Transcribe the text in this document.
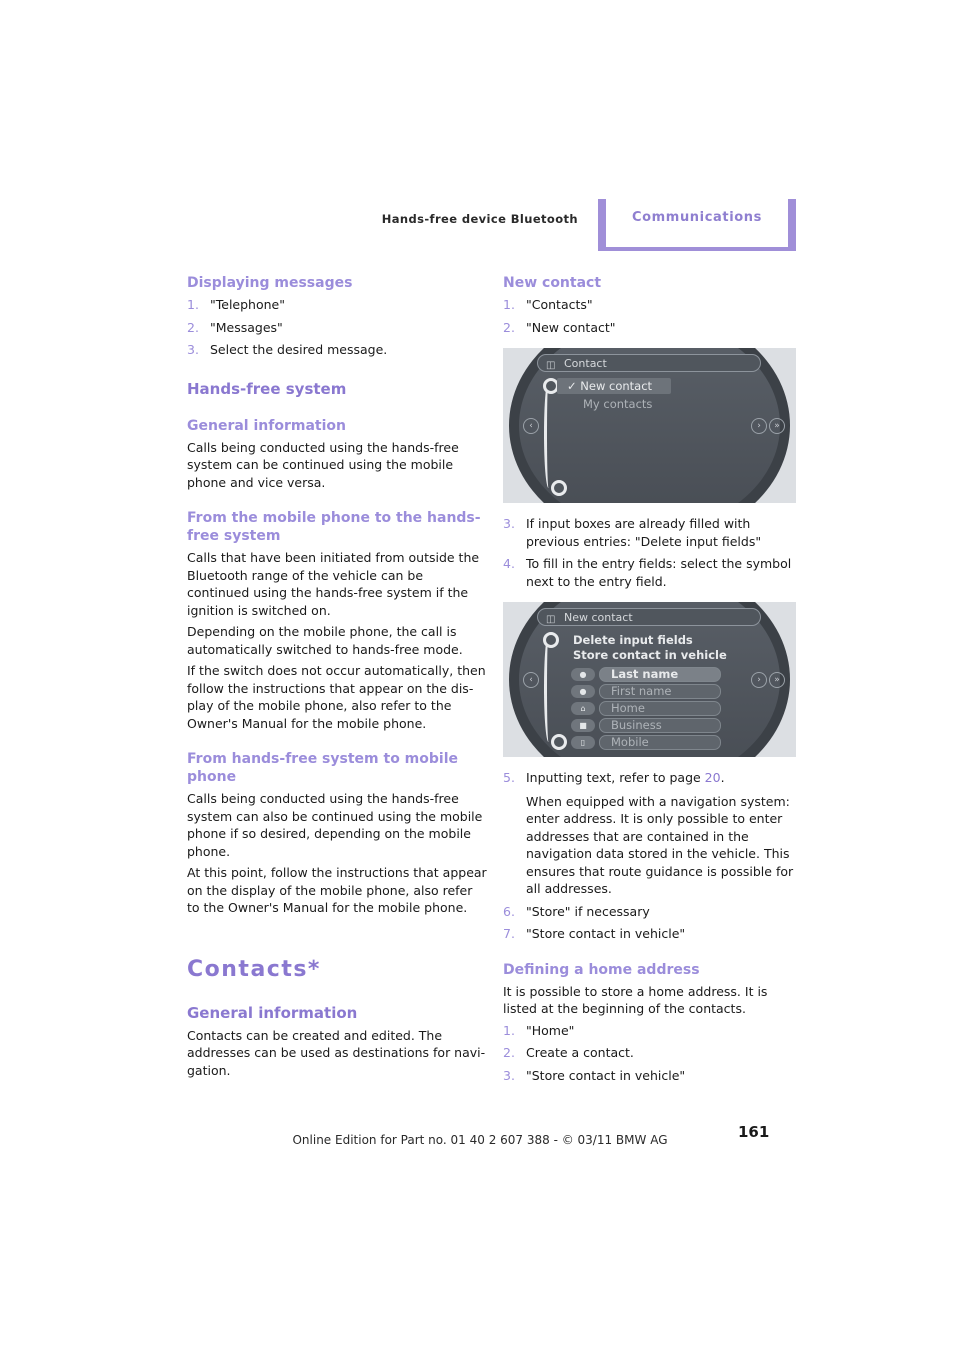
Hands-free device Bluetooth	Communications
Displaying messages
1. "Telephone"
2. "Messages"
3. Select the desired message.
Hands-free system
General information

Calls being conducted using the hands-free system can be continued using the mobile phone and vice versa.

From the mobile phone to the hands-free system

Calls that have been initiated from outside the Bluetooth range of the vehicle can be continued using the hands-free system if the ignition is switched on.

Depending on the mobile phone, the call is automatically switched to hands-free mode.

If the switch does not occur automatically, then follow the instructions that appear on the display of the mobile phone, also refer to the Owner's Manual for the mobile phone.

From hands-free system to mobile phone

Calls being conducted using the hands-free system can also be continued using the mobile phone if so desired, depending on the mobile phone.

At this point, follow the instructions that appear on the display of the mobile phone, also refer to the Owner's Manual for the mobile phone.

Contacts*
General information

Contacts can be created and edited. The addresses can be used as destinations for navigation.

New contact
1. "Contacts"
2. "New contact"
◫ Contact
‹	›	»
✓ New contact
My contacts
3. If input boxes are already filled with previous entries: "Delete input fields"
4. To fill in the entry fields: select the symbol next to the entry field.
◫ New contact
‹	›	»
Delete input fields
Store contact in vehicle
●	Last name
●	First name
⌂	Home
■	Business
▯	Mobile
5. Inputting text, refer to page 20.
When equipped with a navigation system: enter address. It is only possible to enter addresses that are contained in the navigation data stored in the vehicle. This ensures that route guidance is possible for all addresses.
6. "Store" if necessary
7. "Store contact in vehicle"
Defining a home address

It is possible to store a home address. It is listed at the beginning of the contacts.

1. "Home"
2. Create a contact.
3. "Store contact in vehicle"
161
Online Edition for Part no. 01 40 2 607 388 - © 03/11 BMW AG
